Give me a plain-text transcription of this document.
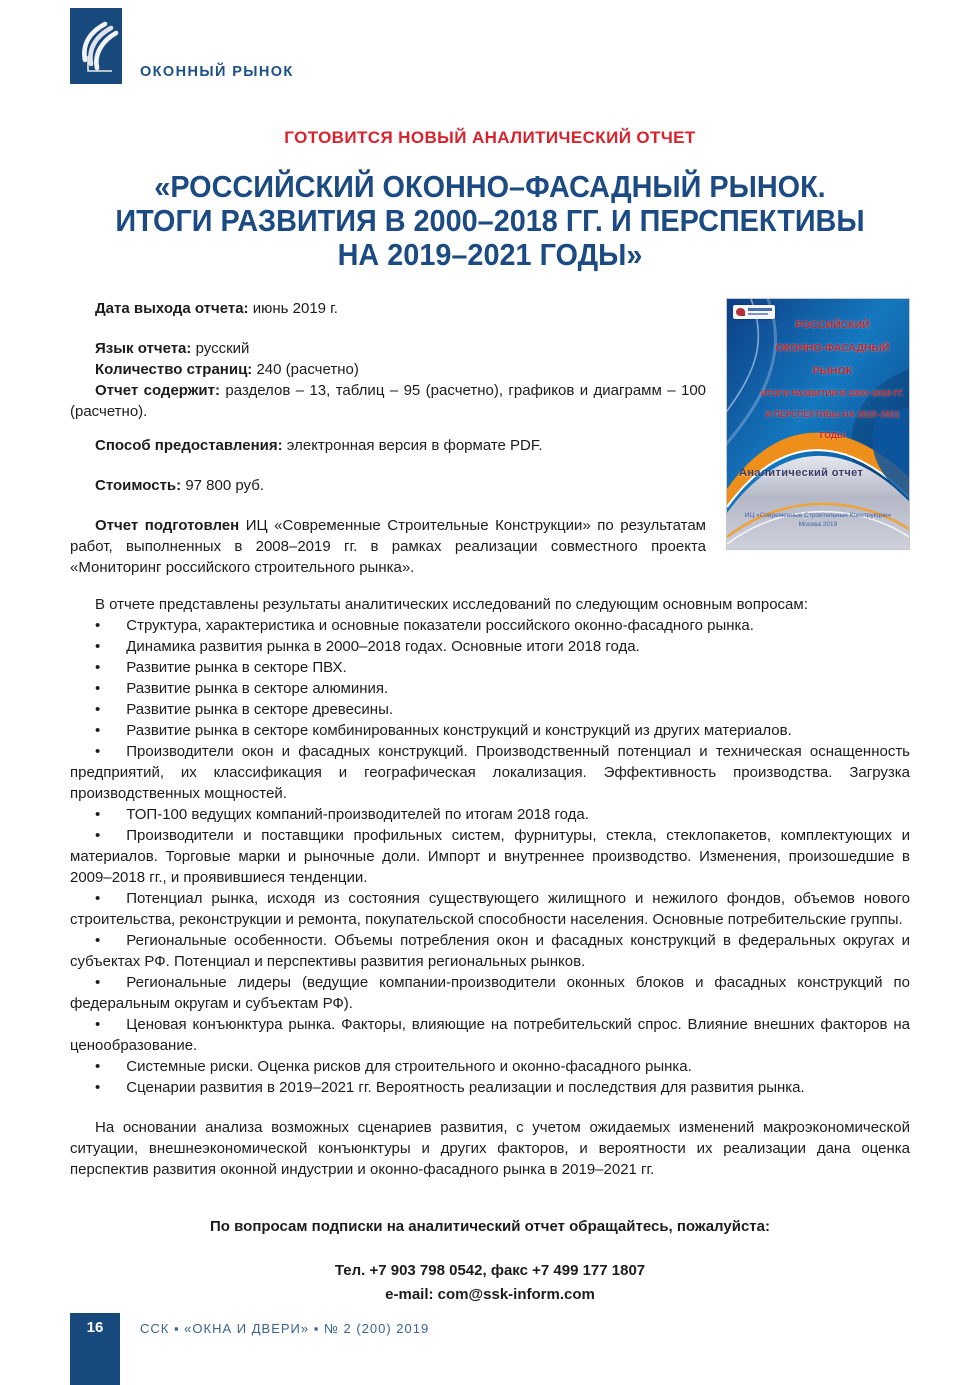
ОКОННЫЙ РЫНОК
ГОТОВИТСЯ НОВЫЙ АНАЛИТИЧЕСКИЙ ОТЧЕТ
«РОССИЙСКИЙ ОКОННО–ФАСАДНЫЙ РЫНОК.
ИТОГИ РАЗВИТИЯ В 2000–2018 ГГ. И ПЕРСПЕКТИВЫ
НА 2019–2021 ГОДЫ»
РОССИЙСКИЙ
ОКОННО-ФАСАДНЫЙ РЫНОК
ИТОГИ РАЗВИТИЯ В 2000–2018 ГГ.
И ПЕРСПЕКТИВЫ НА 2019–2021 ГОДЫ
Аналитический отчет
ИЦ «Современные Строительные Конструкции»
Москва 2019

Дата выхода отчета: июнь 2019 г.

Язык отчета: русский

Количество страниц: 240 (расчетно)

Отчет содержит: разделов – 13, таблиц – 95 (расчетно), графиков и диаграмм – 100 (расчетно).

Способ предоставления: электронная версия в формате PDF.

Стоимость: 97 800 руб.

Отчет подготовлен ИЦ «Современные Строительные Конструкции» по результатам работ, выполненных в 2008–2019 гг. в рамках реализации совместного проекта «Мониторинг российского строительного рынка».

В отчете представлены результаты аналитических исследований по следующим основным вопросам:

• Структура, характеристика и основные показатели российского оконно-фасадного рынка.
• Динамика развития рынка в 2000–2018 годах. Основные итоги 2018 года.
• Развитие рынка в секторе ПВХ.
• Развитие рынка в секторе алюминия.
• Развитие рынка в секторе древесины.
• Развитие рынка в секторе комбинированных конструкций и конструкций из других материалов.
• Производители окон и фасадных конструкций. Производственный потенциал и техническая оснащенность предприятий, их классификация и географическая локализация. Эффективность производства. Загрузка производственных мощностей.
• ТОП-100 ведущих компаний-производителей по итогам 2018 года.
• Производители и поставщики профильных систем, фурнитуры, стекла, стеклопакетов, комплектующих и материалов. Торговые марки и рыночные доли. Импорт и внутреннее производство. Изменения, произошедшие в 2009–2018 гг., и проявившиеся тенденции.
• Потенциал рынка, исходя из состояния существующего жилищного и нежилого фондов, объемов нового строительства, реконструкции и ремонта, покупательской способности населения. Основные потребительские группы.
• Региональные особенности. Объемы потребления окон и фасадных конструкций в федеральных округах и субъектах РФ. Потенциал и перспективы развития региональных рынков.
• Региональные лидеры (ведущие компании-производители оконных блоков и фасадных конструкций по федеральным округам и субъектам РФ).
• Ценовая конъюнктура рынка. Факторы, влияющие на потребительский спрос. Влияние внешних факторов на ценообразование.
• Системные риски. Оценка рисков для строительного и оконно-фасадного рынка.
• Сценарии развития в 2019–2021 гг. Вероятность реализации и последствия для развития рынка.

На основании анализа возможных сценариев развития, с учетом ожидаемых изменений макроэкономической ситуации, внешнеэкономической конъюнктуры и других факторов, и вероятности их реализации дана оценка перспектив развития оконной индустрии и оконно-фасадного рынка в 2019–2021 гг.

По вопросам подписки на аналитический отчет обращайтесь, пожалуйста:
Тел. +7 903 798 0542, факс +7 499 177 1807
e-mail: com@ssk-inform.com
16	ССК ▪ «ОКНА И ДВЕРИ» ▪ № 2 (200) 2019
